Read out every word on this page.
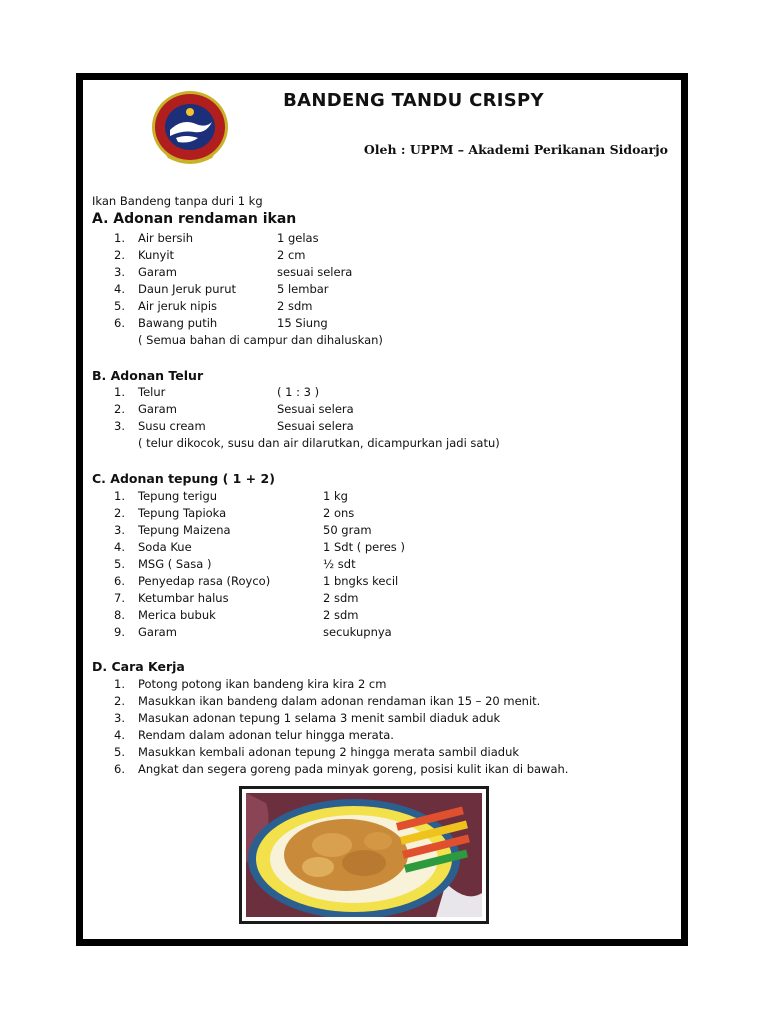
BANDENG TANDU CRISPY
Oleh : UPPM – Akademi Perikanan Sidoarjo
Ikan Bandeng tanpa duri 1 kg
A. Adonan rendaman ikan
1. Air bersih	1 gelas
2. Kunyit	2 cm
3. Garam	sesuai selera
4. Daun Jeruk purut	5 lembar
5. Air jeruk nipis	2 sdm
6. Bawang putih	15 Siung
( Semua bahan di campur dan dihaluskan)
B. Adonan Telur
1. Telur	( 1 : 3 )
2. Garam	Sesuai selera
3. Susu cream	Sesuai selera
( telur dikocok, susu dan air dilarutkan, dicampurkan jadi satu)
C. Adonan tepung ( 1 + 2)
1. Tepung terigu	1 kg
2. Tepung Tapioka	2 ons
3. Tepung Maizena	50 gram
4. Soda Kue	1 Sdt ( peres )
5. MSG ( Sasa )	½ sdt
6. Penyedap rasa (Royco)	1 bngks kecil
7. Ketumbar halus	2 sdm
8. Merica bubuk	2 sdm
9. Garam	secukupnya
D. Cara Kerja
1. Potong potong ikan bandeng kira kira 2 cm
2. Masukkan ikan bandeng dalam adonan rendaman ikan 15 – 20 menit.
3. Masukan adonan tepung 1 selama 3 menit sambil diaduk aduk
4. Rendam dalam adonan telur hingga merata.
5. Masukkan kembali adonan tepung 2 hingga merata sambil diaduk
6. Angkat dan segera goreng pada minyak goreng, posisi kulit ikan di bawah.
